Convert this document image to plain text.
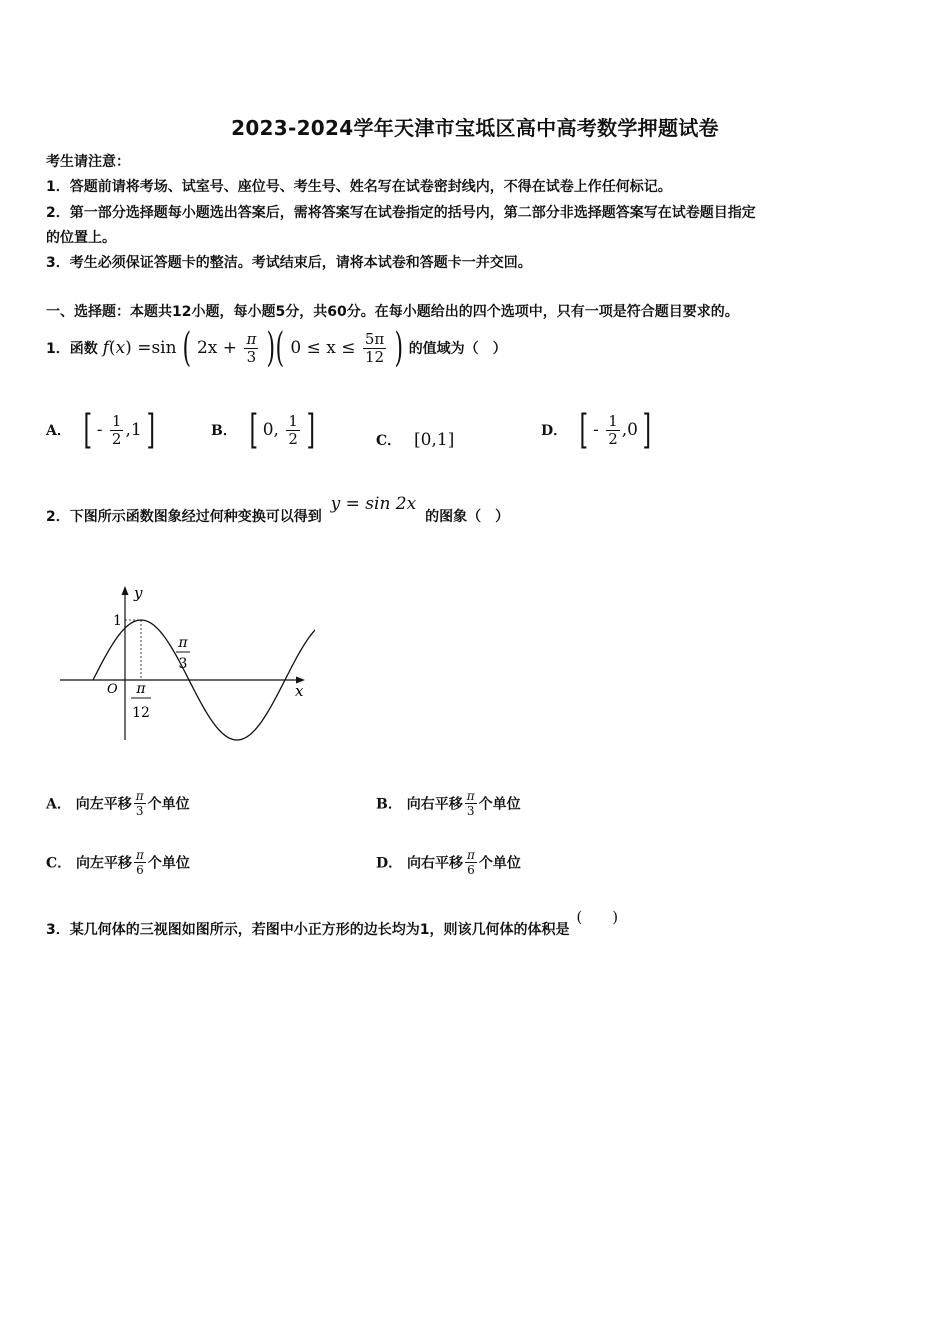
2023-2024学年天津市宝坻区高中高考数学押题试卷
考生请注意：
1．答题前请将考场、试室号、座位号、考生号、姓名写在试卷密封线内，不得在试卷上作任何标记。
2．第一部分选择题每小题选出答案后，需将答案写在试卷指定的括号内，第二部分非选择题答案写在试卷题目指定
的位置上。
3．考生必须保证答题卡的整洁。考试结束后，请将本试卷和答题卡一并交回。
一、选择题：本题共12小题，每小题5分，共60分。在每小题给出的四个选项中，只有一项是符合题目要求的。
1．函数 f(x) =sin ( $2x + \frac{\pi}{3}$ )( $0 \le x \le \frac{5\pi}{12}$ ) 的值域为（　）
A． [ - $\frac{1}{2} ,1$ ]	B． [ 0, $\frac{1}{2}$ ]	C． [0,1]	D． [ - $\frac{1}{2} ,0$ ]
2．下图所示函数图象经过何种变换可以得到 y = sin 2x 的图象（　）
y
x
O
1
π
3
π
12
A． 向左平移 $\frac{\pi}{3}$ 个单位	B． 向右平移 $\frac{\pi}{3}$ 个单位
C． 向左平移 $\frac{\pi}{6}$ 个单位	D． 向右平移 $\frac{\pi}{6}$ 个单位
3．某几何体的三视图如图所示，若图中小正方形的边长均为1，则该几何体的体积是 (　　)
